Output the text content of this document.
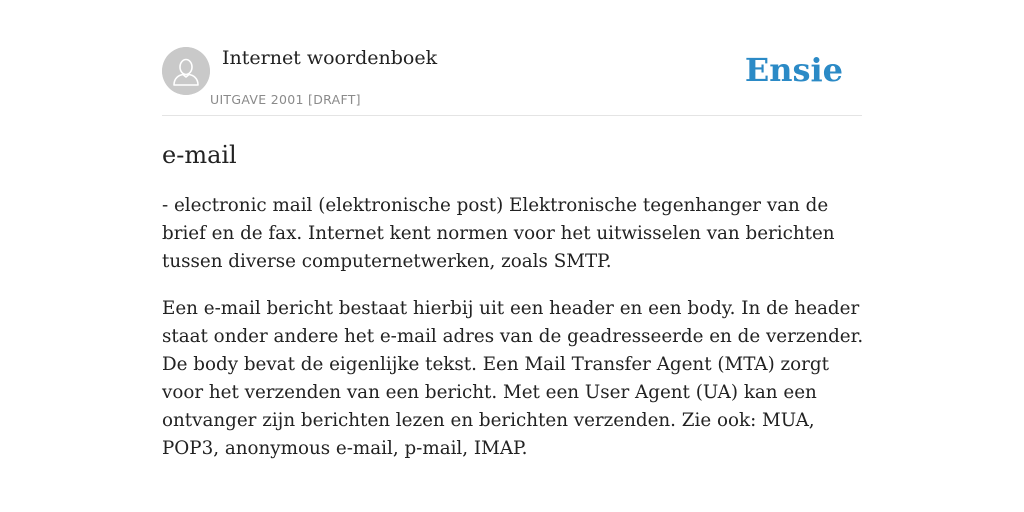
Internet woordenboek
UITGAVE 2001 [DRAFT]
Ensie
e-mail

- electronic mail (elektronische post) Elektronische tegenhanger van de brief en de fax. Internet kent normen voor het uitwisselen van berichten tussen diverse computernetwerken, zoals SMTP.

Een e-mail bericht bestaat hierbij uit een header en een body. In de header staat onder andere het e-mail adres van de geadresseerde en de verzender. De body bevat de eigenlijke tekst. Een Mail Transfer Agent (MTA) zorgt voor het verzenden van een bericht. Met een User Agent (UA) kan een ontvanger zijn berichten lezen en berichten verzenden. Zie ook: MUA, POP3, anonymous e-mail, p-mail, IMAP.
